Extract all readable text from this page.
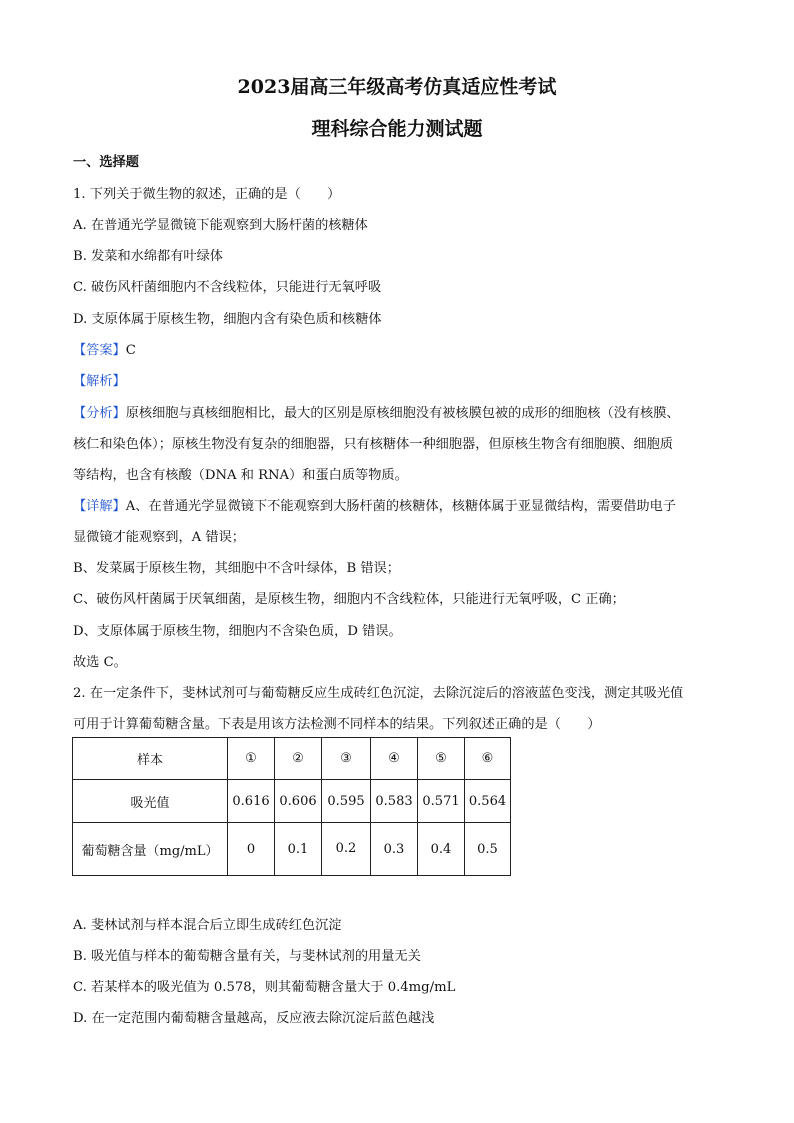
2023届高三年级高考仿真适应性考试
理科综合能力测试题
一、选择题
1. 下列关于微生物的叙述，正确的是（　　）
A. 在普通光学显微镜下能观察到大肠杆菌的核糖体
B. 发菜和水绵都有叶绿体
C. 破伤风杆菌细胞内不含线粒体，只能进行无氧呼吸
D. 支原体属于原核生物，细胞内含有染色质和核糖体
【答案】C
【解析】
【分析】原核细胞与真核细胞相比，最大的区别是原核细胞没有被核膜包被的成形的细胞核（没有核膜、
核仁和染色体）；原核生物没有复杂的细胞器，只有核糖体一种细胞器，但原核生物含有细胞膜、细胞质
等结构，也含有核酸（DNA 和 RNA）和蛋白质等物质。
【详解】A、在普通光学显微镜下不能观察到大肠杆菌的核糖体，核糖体属于亚显微结构，需要借助电子
显微镜才能观察到，A 错误；
B、发菜属于原核生物，其细胞中不含叶绿体，B 错误；
C、破伤风杆菌属于厌氧细菌，是原核生物，细胞内不含线粒体，只能进行无氧呼吸，C 正确；
D、支原体属于原核生物，细胞内不含染色质，D 错误。
故选 C。
2. 在一定条件下，斐林试剂可与葡萄糖反应生成砖红色沉淀，去除沉淀后的溶液蓝色变浅，测定其吸光值
可用于计算葡萄糖含量。下表是用该方法检测不同样本的结果。下列叙述正确的是（　　）
样本	①	②	③	④	⑤	⑥
吸光值	0.616	0.606	0.595	0.583	0.571	0.564
葡萄糖含量（mg/mL）	0	0.1	0.2	0.3	0.4	0.5
A. 斐林试剂与样本混合后立即生成砖红色沉淀
B. 吸光值与样本的葡萄糖含量有关，与斐林试剂的用量无关
C. 若某样本的吸光值为 0.578，则其葡萄糖含量大于 0.4mg/mL
D. 在一定范围内葡萄糖含量越高，反应液去除沉淀后蓝色越浅
